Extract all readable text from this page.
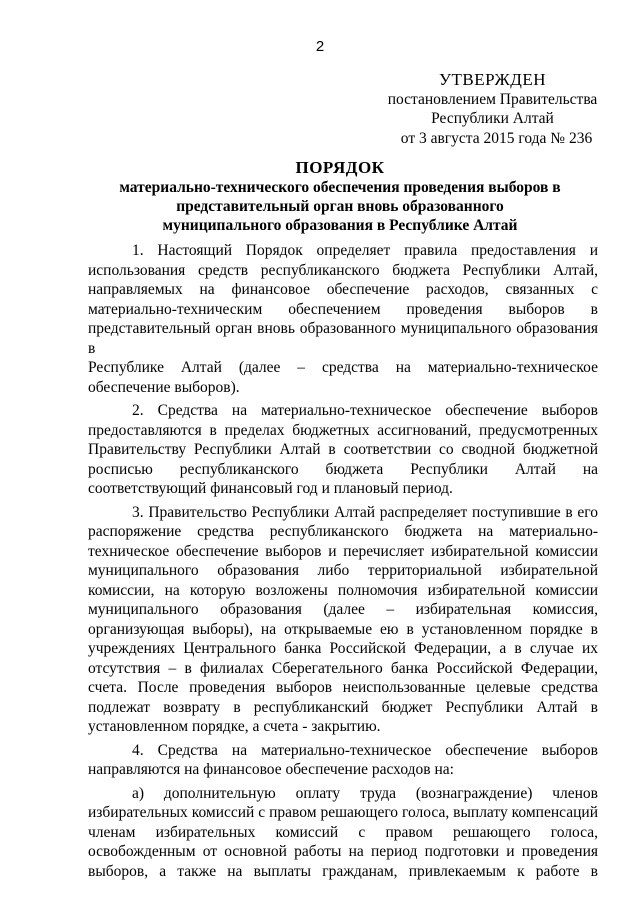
2
УТВЕРЖДЕН
постановлением Правительства
Республики Алтай
от 3 августа 2015 года № 236
ПОРЯДОК
материально-технического обеспечения проведения выборов в
представительный орган вновь образованного
муниципального образования в Республике Алтай
1. Настоящий Порядок определяет правила предоставления и
использования средств республиканского бюджета Республики Алтай,
направляемых на финансовое обеспечение расходов, связанных с
материально-техническим обеспечением проведения выборов в
представительный орган вновь образованного муниципального образования в
Республике Алтай (далее – средства на материально-техническое
обеспечение выборов).
2. Средства на материально-техническое обеспечение выборов
предоставляются в пределах бюджетных ассигнований, предусмотренных
Правительству Республики Алтай в соответствии со сводной бюджетной
росписью республиканского бюджета Республики Алтай на
соответствующий финансовый год и плановый период.
3. Правительство Республики Алтай распределяет поступившие в его
распоряжение средства республиканского бюджета на материально-
техническое обеспечение выборов и перечисляет избирательной комиссии
муниципального образования либо территориальной избирательной
комиссии, на которую возложены полномочия избирательной комиссии
муниципального образования (далее – избирательная комиссия,
организующая выборы), на открываемые ею в установленном порядке в
учреждениях Центрального банка Российской Федерации, а в случае их
отсутствия – в филиалах Сберегательного банка Российской Федерации,
счета. После проведения выборов неиспользованные целевые средства
подлежат возврату в республиканский бюджет Республики Алтай в
установленном порядке, а счета - закрытию.
4. Средства на материально-техническое обеспечение выборов
направляются на финансовое обеспечение расходов на:
а) дополнительную оплату труда (вознаграждение) членов
избирательных комиссий с правом решающего голоса, выплату компенсаций
членам избирательных комиссий с правом решающего голоса,
освобожденным от основной работы на период подготовки и проведения
выборов, а также на выплаты гражданам, привлекаемым к работе в
